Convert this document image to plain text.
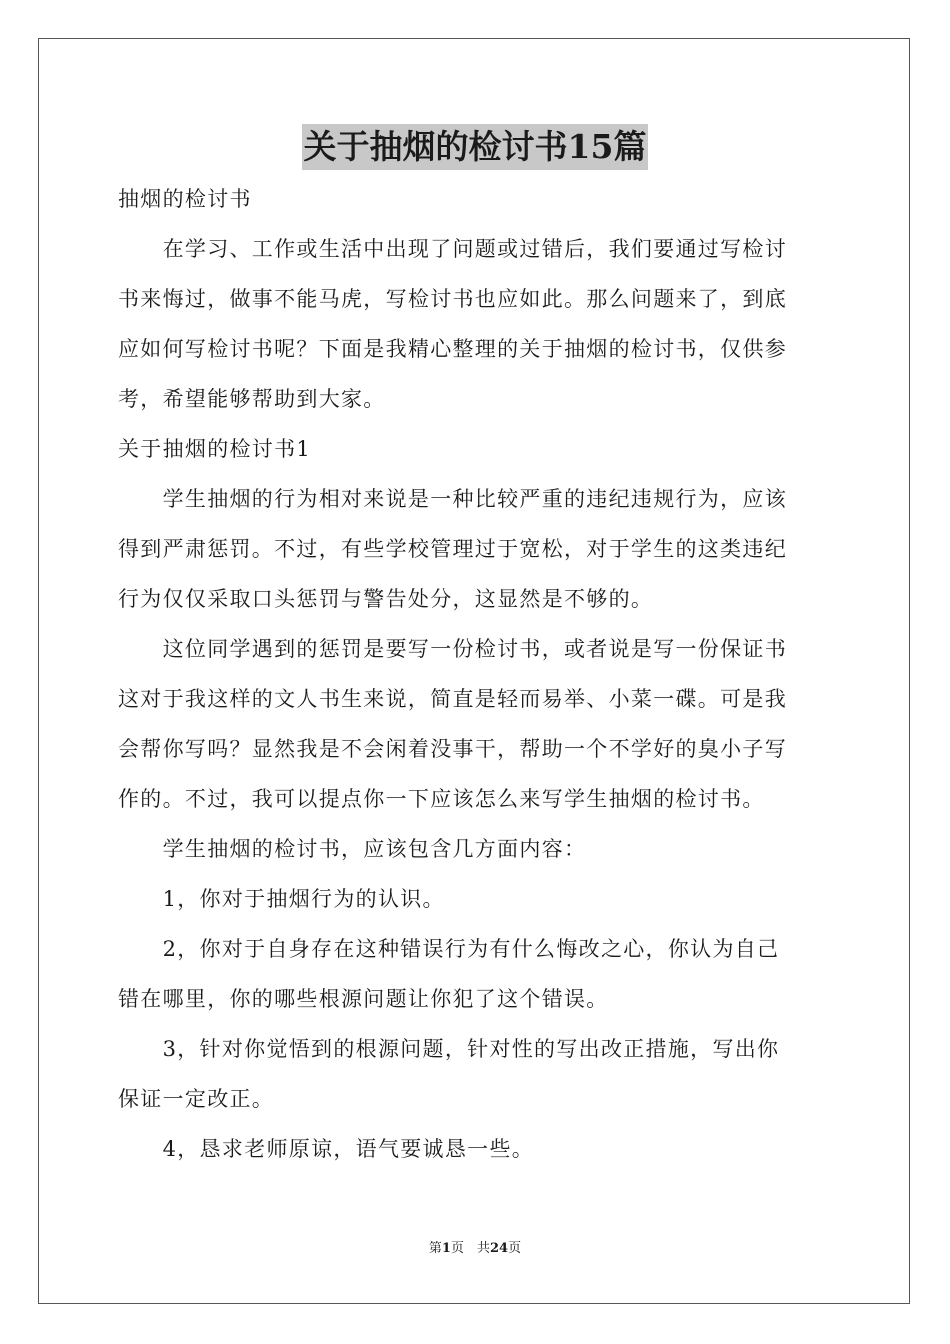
关于抽烟的检讨书15篇
抽烟的检讨书
　　在学习、工作或生活中出现了问题或过错后，我们要通过写检讨
书来悔过，做事不能马虎，写检讨书也应如此。那么问题来了，到底
应如何写检讨书呢？下面是我精心整理的关于抽烟的检讨书，仅供参
考，希望能够帮助到大家。
关于抽烟的检讨书1
　　学生抽烟的行为相对来说是一种比较严重的违纪违规行为，应该
得到严肃惩罚。不过，有些学校管理过于宽松，对于学生的这类违纪
行为仅仅采取口头惩罚与警告处分，这显然是不够的。
　　这位同学遇到的惩罚是要写一份检讨书，或者说是写一份保证书
这对于我这样的文人书生来说，简直是轻而易举、小菜一碟。可是我
会帮你写吗？显然我是不会闲着没事干，帮助一个不学好的臭小子写
作的。不过，我可以提点你一下应该怎么来写学生抽烟的检讨书。
　　学生抽烟的检讨书，应该包含几方面内容：
　　1，你对于抽烟行为的认识。
　　2，你对于自身存在这种错误行为有什么悔改之心，你认为自己
错在哪里，你的哪些根源问题让你犯了这个错误。
　　3，针对你觉悟到的根源问题，针对性的写出改正措施，写出你
保证一定改正。
　　4，恳求老师原谅，语气要诚恳一些。
第1页　共24页
